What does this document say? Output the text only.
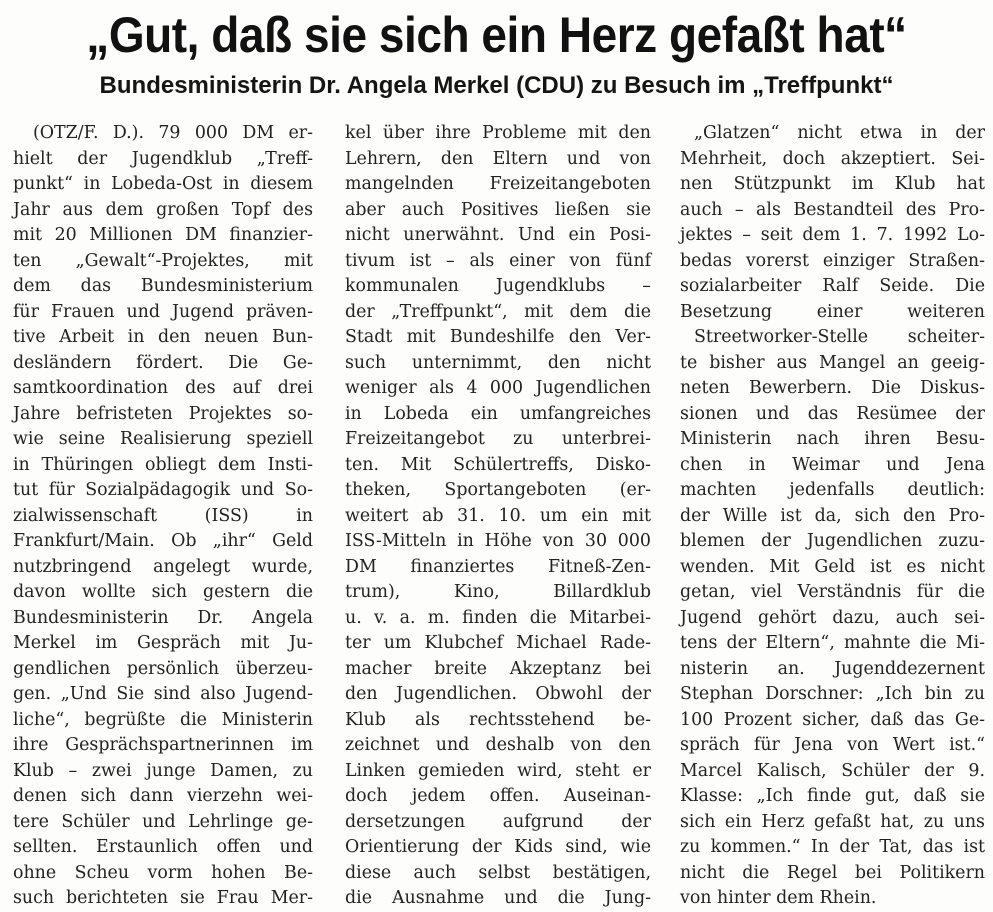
„Gut, daß sie sich ein Herz gefaßt hat“
Bundesministerin Dr. Angela Merkel (CDU) zu Besuch im „Treffpunkt“
(OTZ/F. D.). 79 000 DM er-
hielt der Jugendklub „Treff-
punkt“ in Lobeda-Ost in diesem
Jahr aus dem großen Topf des
mit 20 Millionen DM finanzier-
ten „Gewalt“-Projektes, mit
dem das Bundesministerium
für Frauen und Jugend präven-
tive Arbeit in den neuen Bun-
desländern fördert. Die Ge-
samtkoordination des auf drei
Jahre befristeten Projektes so-
wie seine Realisierung speziell
in Thüringen obliegt dem Insti-
tut für Sozialpädagogik und So-
zialwissenschaft (ISS) in
Frankfurt/Main. Ob „ihr“ Geld
nutzbringend angelegt wurde,
davon wollte sich gestern die
Bundesministerin Dr. Angela
Merkel im Gespräch mit Ju-
gendlichen persönlich überzeu-
gen. „Und Sie sind also Jugend-
liche“, begrüßte die Ministerin
ihre Gesprächspartnerinnen im
Klub – zwei junge Damen, zu
denen sich dann vierzehn wei-
tere Schüler und Lehrlinge ge-
sellten. Erstaunlich offen und
ohne Scheu vorm hohen Be-
such berichteten sie Frau Mer-
kel über ihre Probleme mit den
Lehrern, den Eltern und von
mangelnden Freizeitangeboten
aber auch Positives ließen sie
nicht unerwähnt. Und ein Posi-
tivum ist – als einer von fünf
kommunalen Jugendklubs –
der „Treffpunkt“, mit dem die
Stadt mit Bundeshilfe den Ver-
such unternimmt, den nicht
weniger als 4 000 Jugendlichen
in Lobeda ein umfangreiches
Freizeitangebot zu unterbrei-
ten. Mit Schülertreffs, Disko-
theken, Sportangeboten (er-
weitert ab 31. 10. um ein mit
ISS-Mitteln in Höhe von 30 000
DM finanziertes Fitneß-Zen-
trum), Kino, Billardklub
u. v. a. m. finden die Mitarbei-
ter um Klubchef Michael Rade-
macher breite Akzeptanz bei
den Jugendlichen. Obwohl der
Klub als rechtsstehend be-
zeichnet und deshalb von den
Linken gemieden wird, steht er
doch jedem offen. Auseinan-
dersetzungen aufgrund der
Orientierung der Kids sind, wie
diese auch selbst bestätigen,
die Ausnahme und die Jung-
„Glatzen“ nicht etwa in der
Mehrheit, doch akzeptiert. Sei-
nen Stützpunkt im Klub hat
auch – als Bestandteil des Pro-
jektes – seit dem 1. 7. 1992 Lo-
bedas vorerst einziger Straßen-
sozialarbeiter Ralf Seide. Die
Besetzung einer weiteren
Streetworker-Stelle scheiter-
te bisher aus Mangel an geeig-
neten Bewerbern. Die Diskus-
sionen und das Resümee der
Ministerin nach ihren Besu-
chen in Weimar und Jena
machten jedenfalls deutlich:
der Wille ist da, sich den Pro-
blemen der Jugendlichen zuzu-
wenden. Mit Geld ist es nicht
getan, viel Verständnis für die
Jugend gehört dazu, auch sei-
tens der Eltern“, mahnte die Mi-
nisterin an. Jugenddezernent
Stephan Dorschner: „Ich bin zu
100 Prozent sicher, daß das Ge-
spräch für Jena von Wert ist.“
Marcel Kalisch, Schüler der 9.
Klasse: „Ich finde gut, daß sie
sich ein Herz gefaßt hat, zu uns
zu kommen.“ In der Tat, das ist
nicht die Regel bei Politikern
von hinter dem Rhein.
